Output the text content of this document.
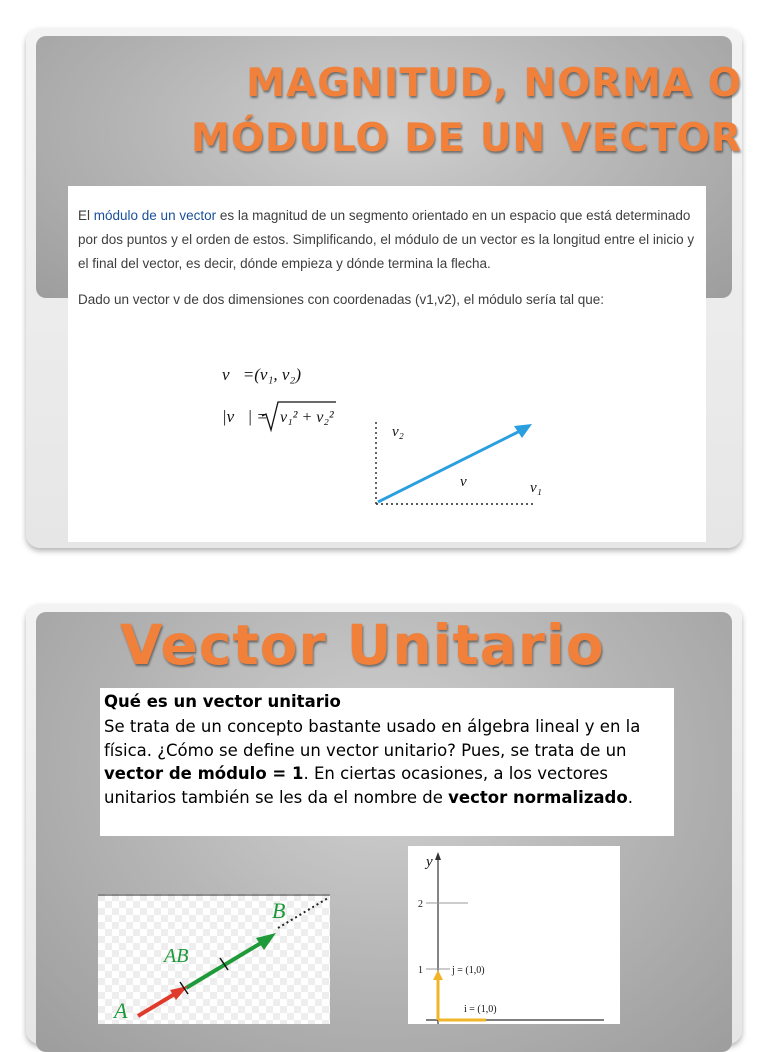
MAGNITUD, NORMA O
MÓDULO DE UN VECTOR

El módulo de un vector es la magnitud de un segmento orientado en un espacio que está determinado por dos puntos y el orden de estos. Simplificando, el módulo de un vector es la longitud entre el inicio y el final del vector, es decir, dónde empieza y dónde termina la flecha.

Dado un vector v de dos dimensiones con coordenadas (v1,v2), el módulo sería tal que:

v⃗=(v₁, v₂)
|v⃗| = v₁² + v₂²
v₂
v₁
v⃗
Vector Unitario

Qué es un vector unitario

Se trata de un concepto bastante usado en álgebra lineal y en la física. ¿Cómo se define un vector unitario? Pues, se trata de un vector de módulo = 1. En ciertas ocasiones, a los vectores unitarios también se les da el nombre de vector normalizado.

B
A
AB⃗
y
2
1	j = (1,0)
i = (1,0)
